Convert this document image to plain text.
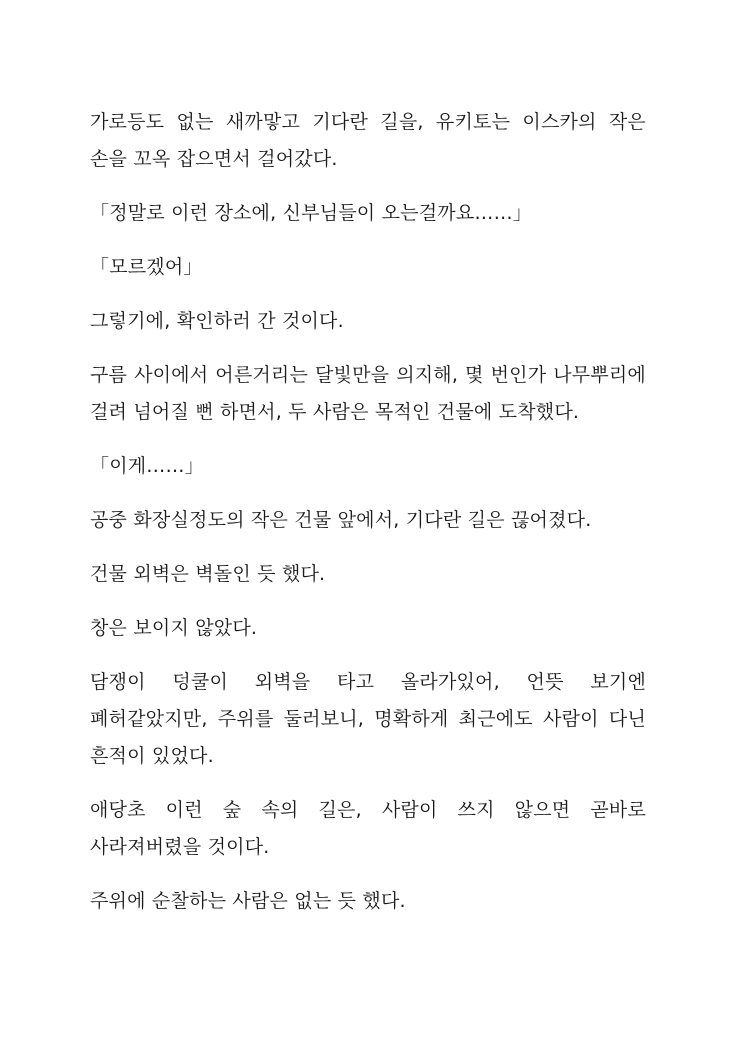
가로등도 없는 새까맣고 기다란 길을, 유키토는 이스카의 작은 손을 꼬옥 잡으면서 걸어갔다.

「정말로 이런 장소에, 신부님들이 오는걸까요……」

「모르겠어」

그렇기에, 확인하러 간 것이다.

구름 사이에서 어른거리는 달빛만을 의지해, 몇 번인가 나무뿌리에 걸려 넘어질 뻔 하면서, 두 사람은 목적인 건물에 도착했다.

「이게……」

공중 화장실정도의 작은 건물 앞에서, 기다란 길은 끊어졌다.

건물 외벽은 벽돌인 듯 했다.

창은 보이지 않았다.

담쟁이 덩쿨이 외벽을 타고 올라가있어, 언뜻 보기엔 폐허같았지만, 주위를 둘러보니, 명확하게 최근에도 사람이 다닌 흔적이 있었다.

애당초 이런 숲 속의 길은, 사람이 쓰지 않으면 곧바로 사라져버렸을 것이다.

주위에 순찰하는 사람은 없는 듯 했다.
